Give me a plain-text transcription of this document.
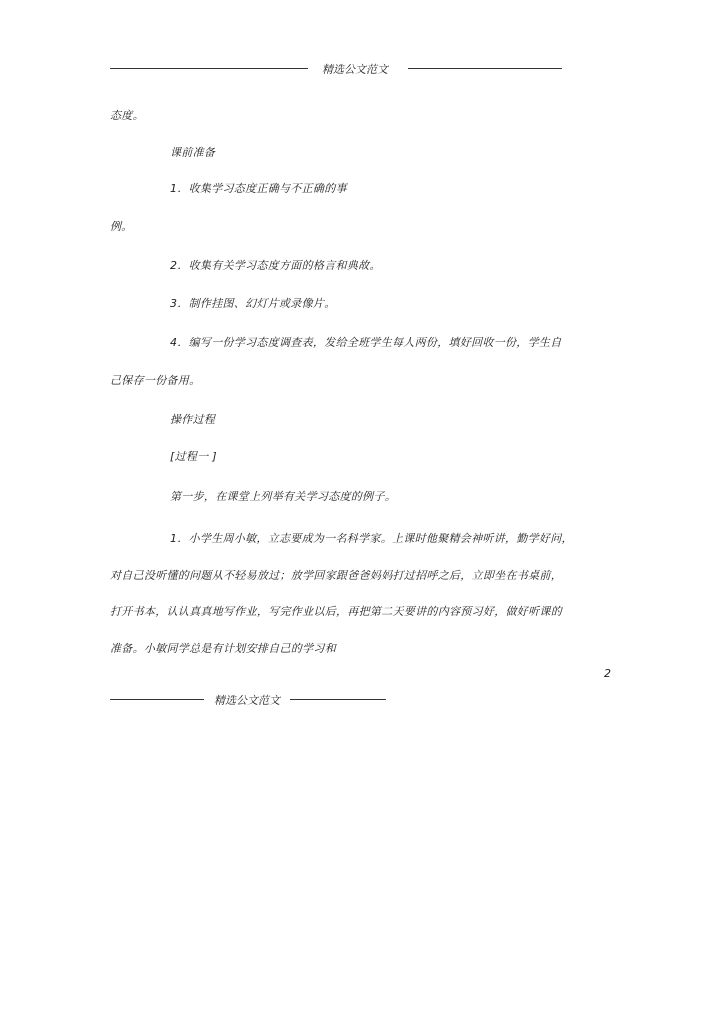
精选公文范文
态度。
课前准备
1．收集学习态度正确与不正确的事
例。
2．收集有关学习态度方面的格言和典故。
3．制作挂图、幻灯片或录像片。
4．编写一份学习态度调查表，发给全班学生每人两份，填好回收一份，学生自
己保存一份备用。
操作过程
[过程一 ]
第一步，在课堂上列举有关学习态度的例子。
1．小学生周小敏，立志要成为一名科学家。上课时他聚精会神听讲，勤学好问，
对自己没听懂的问题从不轻易放过；放学回家跟爸爸妈妈打过招呼之后，立即坐在书桌前，
打开书本，认认真真地写作业，写完作业以后，再把第二天要讲的内容预习好，做好听课的
准备。小敏同学总是有计划安排自己的学习和
2
精选公文范文
